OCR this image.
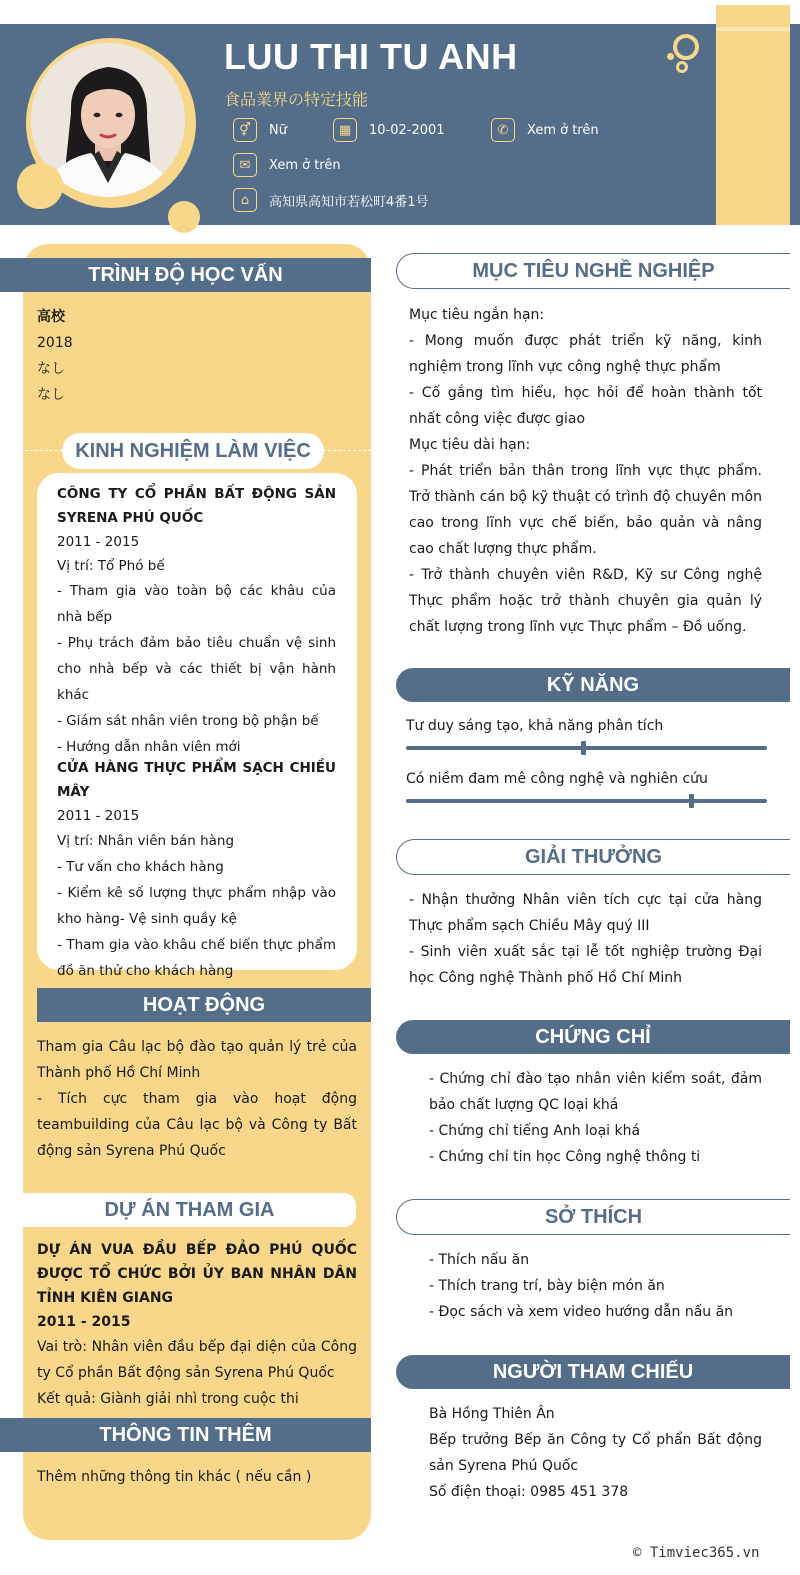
LUU THI TU ANH
食品業界の特定技能
⚥	Nữ	▦	10-02-2001	✆	Xem ở trên
✉	Xem ở trên
⌂	高知県高知市若松町4番1号
TRÌNH ĐỘ HỌC VẤN

高校

2018

なし

なし

KINH NGHIỆM LÀM VIỆC

CÔNG TY CỔ PHẦN BẤT ĐỘNG SẢN SYRENA PHÚ QUỐC

2011 - 2015

Vị trí: Tổ Phó bế

- Tham gia vào toàn bộ các khâu của nhà bếp

- Phụ trách đảm bảo tiêu chuẩn vệ sinh cho nhà bếp và các thiết bị vận hành khác

- Giám sát nhân viên trong bộ phận bế

- Hướng dẫn nhân viên mới

CỬA HÀNG THỰC PHẨM SẠCH CHIỀU MÂY

2011 - 2015

Vị trí: Nhân viên bán hàng

- Tư vấn cho khách hàng

- Kiểm kê số lượng thực phẩm nhập vào kho hàng- Vệ sinh quầy kệ

- Tham gia vào khâu chế biến thực phẩm đồ ăn thử cho khách hàng

HOẠT ĐỘNG

Tham gia Câu lạc bộ đào tạo quản lý trẻ của Thành phố Hồ Chí Minh

- Tích cực tham gia vào hoạt động teambuilding của Câu lạc bộ và Công ty Bất động sản Syrena Phú Quốc

DỰ ÁN THAM GIA

DỰ ÁN VUA ĐẦU BẾP ĐẢO PHÚ QUỐC ĐƯỢC TỔ CHỨC BỞI ỦY BAN NHÂN DÂN TỈNH KIÊN GIANG

2011 - 2015

Vai trò: Nhân viên đầu bếp đại diện của Công ty Cổ phần Bất động sản Syrena Phú Quốc

Kết quả: Giành giải nhì trong cuộc thi

THÔNG TIN THÊM
Thêm những thông tin khác ( nếu cần )
MỤC TIÊU NGHỀ NGHIỆP

Mục tiêu ngắn hạn:

- Mong muốn được phát triển kỹ năng, kinh nghiệm trong lĩnh vực công nghệ thực phẩm

- Cố gắng tìm hiểu, học hỏi để hoàn thành tốt nhất công việc được giao

Mục tiêu dài hạn:

- Phát triển bản thân trong lĩnh vực thực phẩm. Trở thành cán bộ kỹ thuật có trình độ chuyên môn cao trong lĩnh vực chế biến, bảo quản và nâng cao chất lượng thực phẩm.

- Trở thành chuyên viên R&D, Kỹ sư Công nghệ Thực phẩm hoặc trở thành chuyên gia quản lý chất lượng trong lĩnh vực Thực phẩm – Đồ uống.

KỸ NĂNG
Tư duy sáng tạo, khả năng phân tích
Có niềm đam mê công nghệ và nghiên cứu
GIẢI THƯỞNG

- Nhận thưởng Nhân viên tích cực tại cửa hàng Thực phẩm sạch Chiều Mây quý III

- Sinh viên xuất sắc tại lễ tốt nghiệp trường Đại học Công nghệ Thành phố Hồ Chí Minh

CHỨNG CHỈ

- Chứng chỉ đào tạo nhân viên kiểm soát, đảm bảo chất lượng QC loại khá

- Chứng chỉ tiếng Anh loại khá

- Chứng chỉ tin học Công nghệ thông ti

SỞ THÍCH

- Thích nấu ăn

- Thích trang trí, bày biện món ăn

- Đọc sách và xem video hướng dẫn nấu ăn

NGƯỜI THAM CHIẾU

Bà Hồng Thiên Ân

Bếp trưởng Bếp ăn Công ty Cổ phẩn Bất động sản Syrena Phú Quốc

Số điện thoại: 0985 451 378

© Timviec365.vn
